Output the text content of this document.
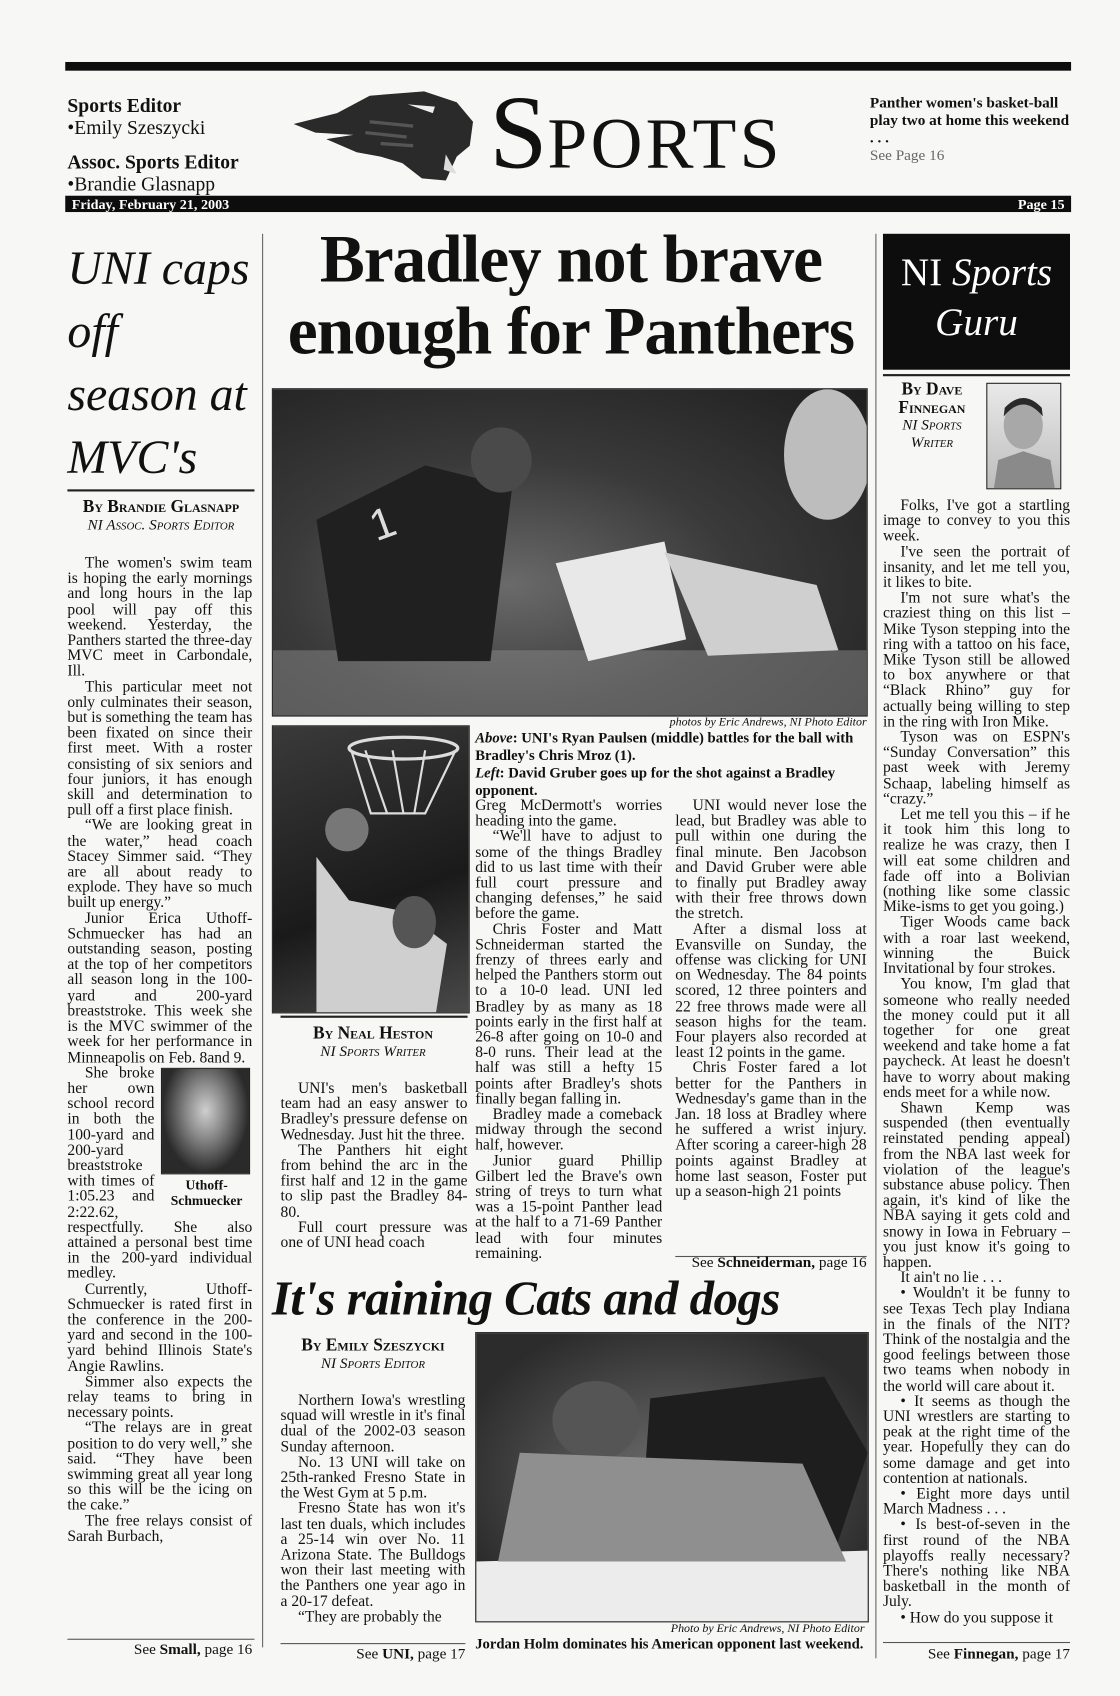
Sports Editor
•Emily Szeszycki
Assoc. Sports Editor
•Brandie Glasnapp	SPORTS
Panther women's basket-ball play two at home this weekend . . .
See Page 16
Friday, February 21, 2003	Page 15
UNI caps off season at MVC's
By Brandie Glasnapp
NI Assoc. Sports Editor

The women's swim team is hoping the early mornings and long hours in the lap pool will pay off this weekend. Yesterday, the Panthers started the three-day MVC meet in Carbondale, Ill.

This particular meet not only culminates their season, but is something the team has been fixated on since their first meet. With a roster consisting of six seniors and four juniors, it has enough skill and determination to pull off a first place finish.

“We are looking great in the water,” head coach Stacey Simmer said. “They are all about ready to explode. They have so much built up energy.”

Junior Erica Uthoff-Schmuecker has had an outstanding season, posting at the top of her competitors all season long in the 100-yard and 200-yard breaststroke. This week she is the MVC swimmer of the week for her performance in Minneapolis on Feb. 8and 9.

Uthoff-Schmuecker

She broke her own school record in both the 100-yard and 200-yard breaststroke with times of 1:05.23 and 2:22.62, respectfully. She also attained a personal best time in the 200-yard individual medley.

Currently, Uthoff-Schmuecker is rated first in the conference in the 200-yard and second in the 100-yard behind Illinois State's Angie Rawlins.

Simmer also expects the relay teams to bring in necessary points.

“The relays are in great position to do very well,” she said. “They have been swimming great all year long so this will be the icing on the cake.”

The free relays consist of Sarah Burbach,

See Small, page 16
Bradley not brave
enough for Panthers
1
photos by Eric Andrews, NI Photo Editor
Above: UNI's Ryan Paulsen (middle) battles for the ball with Bradley's Chris Mroz (1).
Left: David Gruber goes up for the shot against a Bradley opponent.
By Neal Heston
NI Sports Writer

UNI's men's basketball team had an easy answer to Bradley's pressure defense on Wednesday. Just hit the three.

The Panthers hit eight from behind the arc in the first half and 12 in the game to slip past the Bradley 84-80.

Full court pressure was one of UNI head coach

Greg McDermott's worries heading into the game.

“We'll have to adjust to some of the things Bradley did to us last time with their full court pressure and changing defenses,” he said before the game.

Chris Foster and Matt Schneiderman started the frenzy of threes early and helped the Panthers storm out to a 10-0 lead. UNI led Bradley by as many as 18 points early in the first half at 26-8 after going on 10-0 and 8-0 runs. Their lead at the half was still a hefty 15 points after Bradley's shots finally began falling in.

Bradley made a comeback midway through the second half, however.

Junior guard Phillip Gilbert led the Brave's own string of treys to turn what was a 15-point Panther lead at the half to a 71-69 Panther lead with four minutes remaining.

UNI would never lose the lead, but Bradley was able to pull within one during the final minute. Ben Jacobson and David Gruber were able to finally put Bradley away with their free throws down the stretch.

After a dismal loss at Evansville on Sunday, the offense was clicking for UNI on Wednesday. The 84 points scored, 12 three pointers and 22 free throws made were all season highs for the team. Four players also recorded at least 12 points in the game.

Chris Foster fared a lot better for the Panthers in Wednesday's game than in the Jan. 18 loss at Bradley where he suffered a wrist injury. After scoring a career-high 28 points against Bradley at home last season, Foster put up a season-high 21 points

See Schneiderman, page 16
It's raining Cats and dogs
By Emily Szeszycki
NI Sports Editor

Northern Iowa's wrestling squad will wrestle in it's final dual of the 2002-03 season Sunday afternoon.

No. 13 UNI will take on 25th-ranked Fresno State in the West Gym at 5 p.m.

Fresno State has won it's last ten duals, which includes a 25-14 win over No. 11 Arizona State. The Bulldogs won their last meeting with the Panthers one year ago in a 20-17 defeat.

“They are probably the

See UNI, page 17
Photo by Eric Andrews, NI Photo Editor
Jordan Holm dominates his American opponent last weekend.
NI Sports
Guru
By Dave
Finnegan
NI Sports
Writer

Folks, I've got a startling image to convey to you this week.

I've seen the portrait of insanity, and let me tell you, it likes to bite.

I'm not sure what's the craziest thing on this list – Mike Tyson stepping into the ring with a tattoo on his face, Mike Tyson still be allowed to box anywhere or that “Black Rhino” guy for actually being willing to step in the ring with Iron Mike.

Tyson was on ESPN's “Sunday Conversation” this past week with Jeremy Schaap, labeling himself as “crazy.”

Let me tell you this – if he it took him this long to realize he was crazy, then I will eat some children and fade off into a Bolivian (nothing like some classic Mike-isms to get you going.)

Tiger Woods came back with a roar last weekend, winning the Buick Invitational by four strokes.

You know, I'm glad that someone who really needed the money could put it all together for one great weekend and take home a fat paycheck. At least he doesn't have to worry about making ends meet for a while now.

Shawn Kemp was suspended (then eventually reinstated pending appeal) from the NBA last week for violation of the league's substance abuse policy. Then again, it's kind of like the NBA saying it gets cold and snowy in Iowa in February – you just know it's going to happen.

It ain't no lie . . .

• Wouldn't it be funny to see Texas Tech play Indiana in the finals of the NIT? Think of the nostalgia and the good feelings between those two teams when nobody in the world will care about it.

• It seems as though the UNI wrestlers are starting to peak at the right time of the year. Hopefully they can do some damage and get into contention at nationals.

• Eight more days until March Madness . . .

• Is best-of-seven in the first round of the NBA playoffs really necessary? There's nothing like NBA basketball in the month of July.

• How do you suppose it

See Finnegan, page 17
